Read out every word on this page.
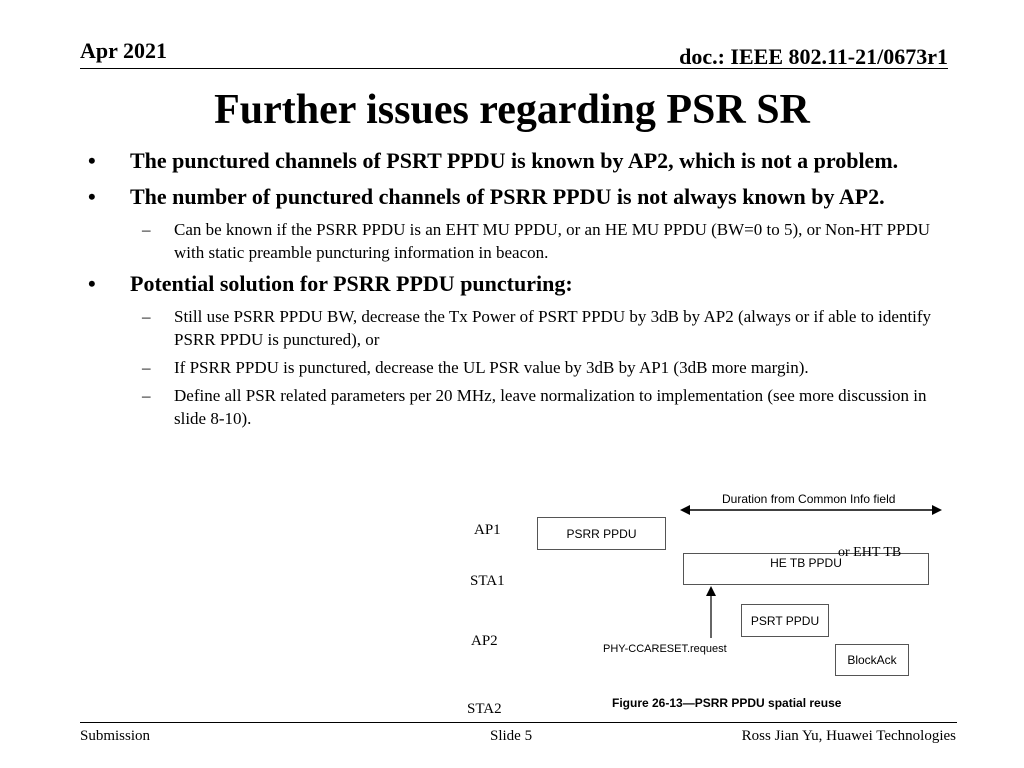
Apr 2021	doc.: IEEE 802.11-21/0673r1
Further issues regarding PSR SR
• The punctured channels of PSRT PPDU is known by AP2, which is not a problem.
• The number of punctured channels of PSRR PPDU is not always known by AP2.
– Can be known if the PSRR PPDU is an EHT MU PPDU, or an HE MU PPDU (BW=0 to 5), or Non-HT PPDU with static preamble puncturing information in beacon.
• Potential solution for PSRR PPDU puncturing:
– Still use PSRR PPDU BW, decrease the Tx Power of PSRT PPDU by 3dB by AP2 (always or if able to identify PSRR PPDU is punctured), or
– If PSRR PPDU is punctured, decrease the UL PSR value by 3dB by AP1 (3dB more margin).
– Define all PSR related parameters per 20 MHz, leave normalization to implementation (see more discussion in slide 8-10).
Duration from Common Info field
AP1
STA1
AP2
STA2
PSRR PPDU
HE TB PPDU
or EHT TB
PHY-CCARESET.request
PSRT PPDU
BlockAck
Figure 26-13—PSRR PPDU spatial reuse
Submission	Slide 5	Ross Jian Yu, Huawei Technologies
